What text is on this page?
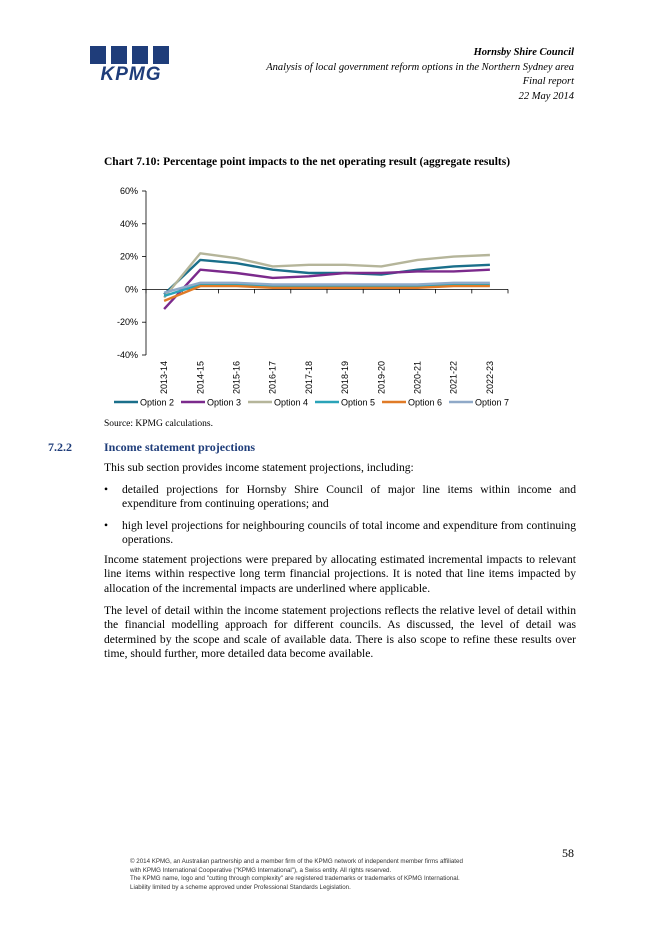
KPMG
Hornsby Shire Council
Analysis of local government reform options in the Northern Sydney area
Final report
22 May 2014
Chart 7.10: Percentage point impacts to the net operating result (aggregate results)
60%
40%
20%
0%
-20%
-40%
2013-14	2014-15	2015-16	2016-17	2017-18	2018-19	2019-20	2020-21	2021-22	2022-23
Option 2	Option 3	Option 4	Option 5	Option 6	Option 7
Source: KPMG calculations.
7.2.2	Income statement projections
This sub section provides income statement projections, including:
• detailed projections for Hornsby Shire Council of major line items within income and expenditure from continuing operations; and
• high level projections for neighbouring councils of total income and expenditure from continuing operations.
Income statement projections were prepared by allocating estimated incremental impacts to relevant line items within respective long term financial projections. It is noted that line items impacted by allocation of the incremental impacts are underlined where applicable.
The level of detail within the income statement projections reflects the relative level of detail within the financial modelling approach for different councils. As discussed, the level of detail was determined by the scope and scale of available data. There is also scope to refine these results over time, should further, more detailed data become available.
58
© 2014 KPMG, an Australian partnership and a member firm of the KPMG network of independent member firms affiliated
with KPMG International Cooperative ("KPMG International"), a Swiss entity. All rights reserved.
The KPMG name, logo and "cutting through complexity" are registered trademarks or trademarks of KPMG International.
Liability limited by a scheme approved under Professional Standards Legislation.
